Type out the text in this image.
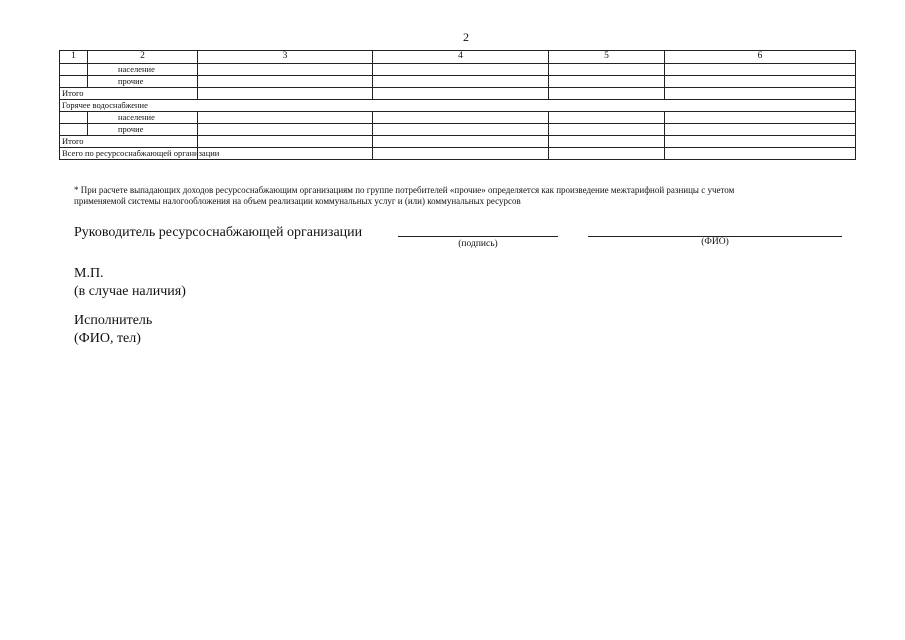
2
1	2	3	4	5	6
	население				
	прочие				
Итого					
Горячее водоснабжение					
	население				
	прочие				
Итого					
Всего по ресурсоснабжающей организации					
* При расчете выпадающих доходов ресурсоснабжающим организациям по группе потребителей «прочие» определяется как произведение межтарифной разницы с учетом
применяемой системы налогообложения на объем реализации коммунальных услуг и (или) коммунальных ресурсов
Руководитель ресурсоснабжающей организации
(подпись)	(ФИО)
М.П.
(в случае наличия)
Исполнитель
(ФИО, тел)
